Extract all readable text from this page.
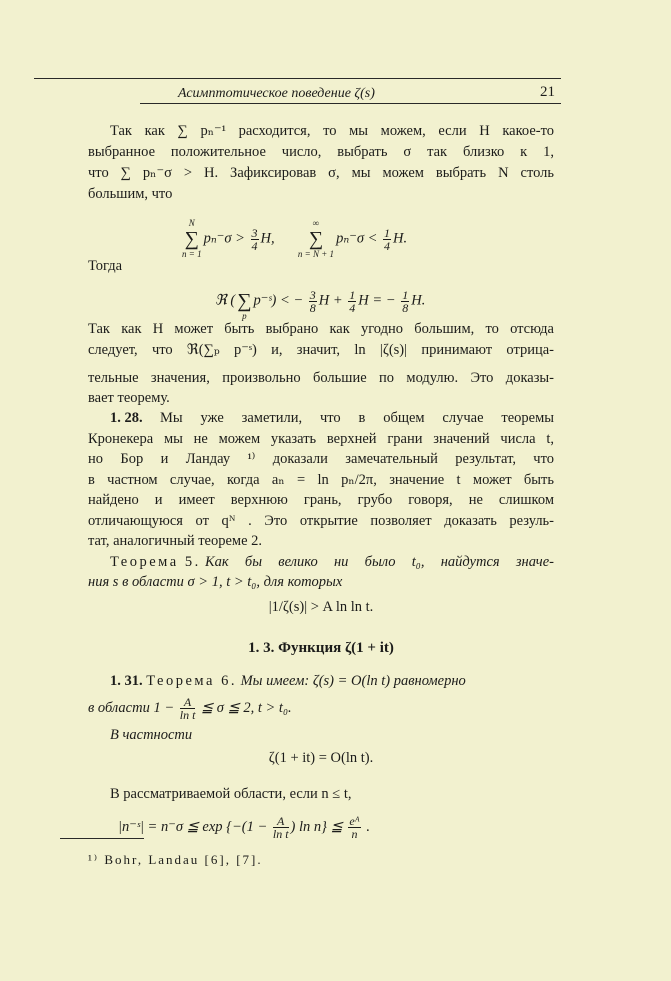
Асимптотическое поведение ζ(s)	21
Так как ∑ pₙ⁻¹ расходится, то мы можем, если H какое-то
выбранное положительное число, выбрать σ так близко к 1,
что ∑ pₙ⁻σ > H. Зафиксировав σ, мы можем выбрать N столь
большим, что
N
∑
n = 1
$p_n^-\sigma > \frac{3}{4} H$,
∞
∑
n = N + 1
$p_n^-\sigma < \frac{1}{4} H$.
Тогда
ℜ (
∑
p
p⁻ˢ) < − $\frac{3}{8}$ $H + \frac{1}{4}$ H = − $\frac{1}{8} H$.
Так как H может быть выбрано как угодно большим, то отсюда
следует, что ℜ(∑ₚ p⁻ˢ) и, значит, ln |ζ(s)| принимают отрица-
тельные значения, произвольно большие по модулю. Это доказы-
вает теорему.
1. 28. Мы уже заметили, что в общем случае теоремы
Кронекера мы не можем указать верхней грани значений числа t,
но Бор и Ландау ¹⁾ доказали замечательный результат, что
в частном случае, когда aₙ = ln pₙ/2π, значение t может быть
найдено и имеет верхнюю грань, грубо говоря, не слишком
отличающуюся от qᴺ . Это открытие позволяет доказать резуль-
тат, аналогичный теореме 2.
Теорема 5. Как бы велико ни было t₀, найдутся значе-
ния s в области σ > 1, t > t₀, для которых
|1/ζ(s)| > A ln ln t.
1. 3. Функция ζ(1 + it)
1. 31. Теорема 6. Мы имеем: ζ(s) = O(ln t) равномерно
в области $1 - \frac{A}{\text{ln t}}$ ≦ σ ≦ 2, t > t₀.
В частности
ζ(1 + it) = O(ln t).
В рассматриваемой области, если n ≤ t,
|n⁻ˢ| = n⁻σ ≦ $\exp \{-(1 - \frac{A}{\text{ln t}}$ ) ln n} ≦ $\frac{\text{eᴬ}}{n}$ .
¹⁾ Bohr, Landau [6], [7].
